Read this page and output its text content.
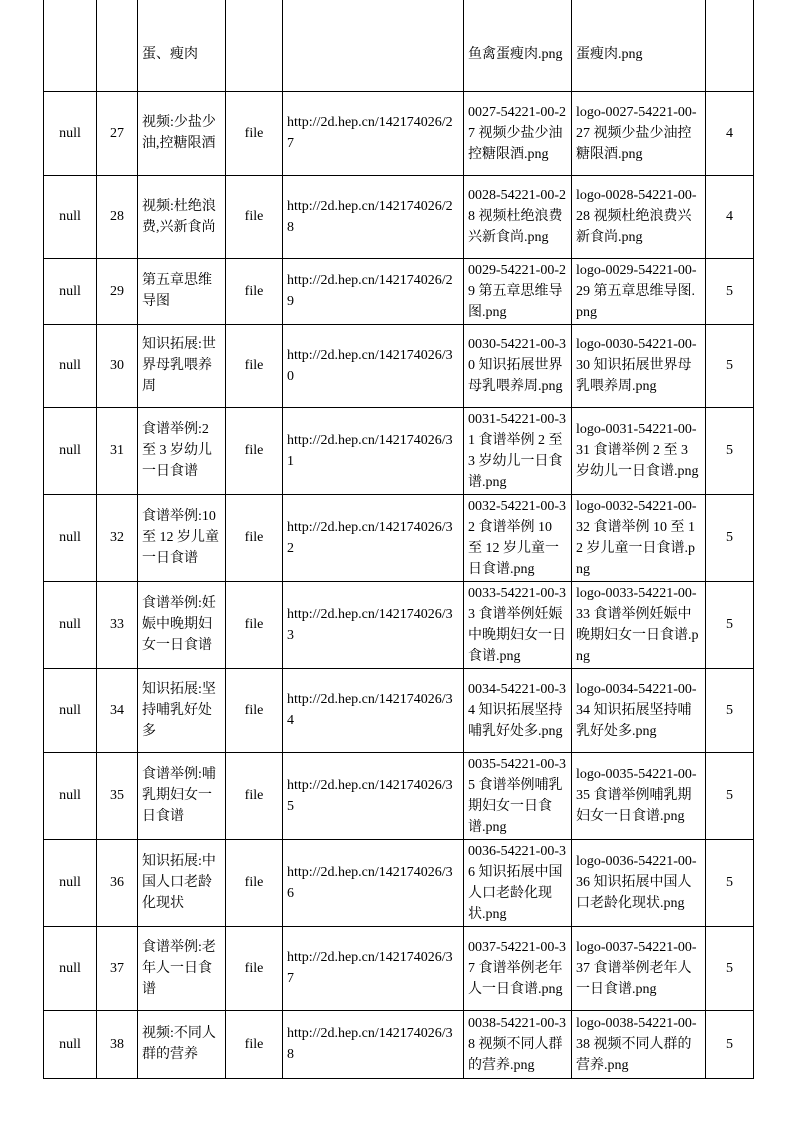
		蛋、瘦肉			鱼禽蛋瘦肉.png	蛋瘦肉.png	
null	27	视频:少盐少油,控糖限酒	file	http://2d.hep.cn/142174026/27	0027-54221-00-27 视频少盐少油控糖限酒.png	logo-0027-54221-00-27 视频少盐少油控糖限酒.png	4
null	28	视频:杜绝浪费,兴新食尚	file	http://2d.hep.cn/142174026/28	0028-54221-00-28 视频杜绝浪费兴新食尚.png	logo-0028-54221-00-28 视频杜绝浪费兴新食尚.png	4
null	29	第五章思维导图	file	http://2d.hep.cn/142174026/29	0029-54221-00-29 第五章思维导图.png	logo-0029-54221-00-29 第五章思维导图.png	5
null	30	知识拓展:世界母乳喂养周	file	http://2d.hep.cn/142174026/30	0030-54221-00-30 知识拓展世界母乳喂养周.png	logo-0030-54221-00-30 知识拓展世界母乳喂养周.png	5
null	31	食谱举例:2 至 3 岁幼儿一日食谱	file	http://2d.hep.cn/142174026/31	0031-54221-00-31 食谱举例 2 至 3 岁幼儿一日食谱.png	logo-0031-54221-00-31 食谱举例 2 至 3 岁幼儿一日食谱.png	5
null	32	食谱举例:10 至 12 岁儿童一日食谱	file	http://2d.hep.cn/142174026/32	0032-54221-00-32 食谱举例 10 至 12 岁儿童一日食谱.png	logo-0032-54221-00-32 食谱举例 10 至 12 岁儿童一日食谱.png	5
null	33	食谱举例:妊娠中晚期妇女一日食谱	file	http://2d.hep.cn/142174026/33	0033-54221-00-33 食谱举例妊娠中晚期妇女一日食谱.png	logo-0033-54221-00-33 食谱举例妊娠中晚期妇女一日食谱.png	5
null	34	知识拓展:坚持哺乳好处多	file	http://2d.hep.cn/142174026/34	0034-54221-00-34 知识拓展坚持哺乳好处多.png	logo-0034-54221-00-34 知识拓展坚持哺乳好处多.png	5
null	35	食谱举例:哺乳期妇女一日食谱	file	http://2d.hep.cn/142174026/35	0035-54221-00-35 食谱举例哺乳期妇女一日食谱.png	logo-0035-54221-00-35 食谱举例哺乳期妇女一日食谱.png	5
null	36	知识拓展:中国人口老龄化现状	file	http://2d.hep.cn/142174026/36	0036-54221-00-36 知识拓展中国人口老龄化现状.png	logo-0036-54221-00-36 知识拓展中国人口老龄化现状.png	5
null	37	食谱举例:老年人一日食谱	file	http://2d.hep.cn/142174026/37	0037-54221-00-37 食谱举例老年人一日食谱.png	logo-0037-54221-00-37 食谱举例老年人一日食谱.png	5
null	38	视频:不同人群的营养	file	http://2d.hep.cn/142174026/38	0038-54221-00-38 视频不同人群的营养.png	logo-0038-54221-00-38 视频不同人群的营养.png	5
